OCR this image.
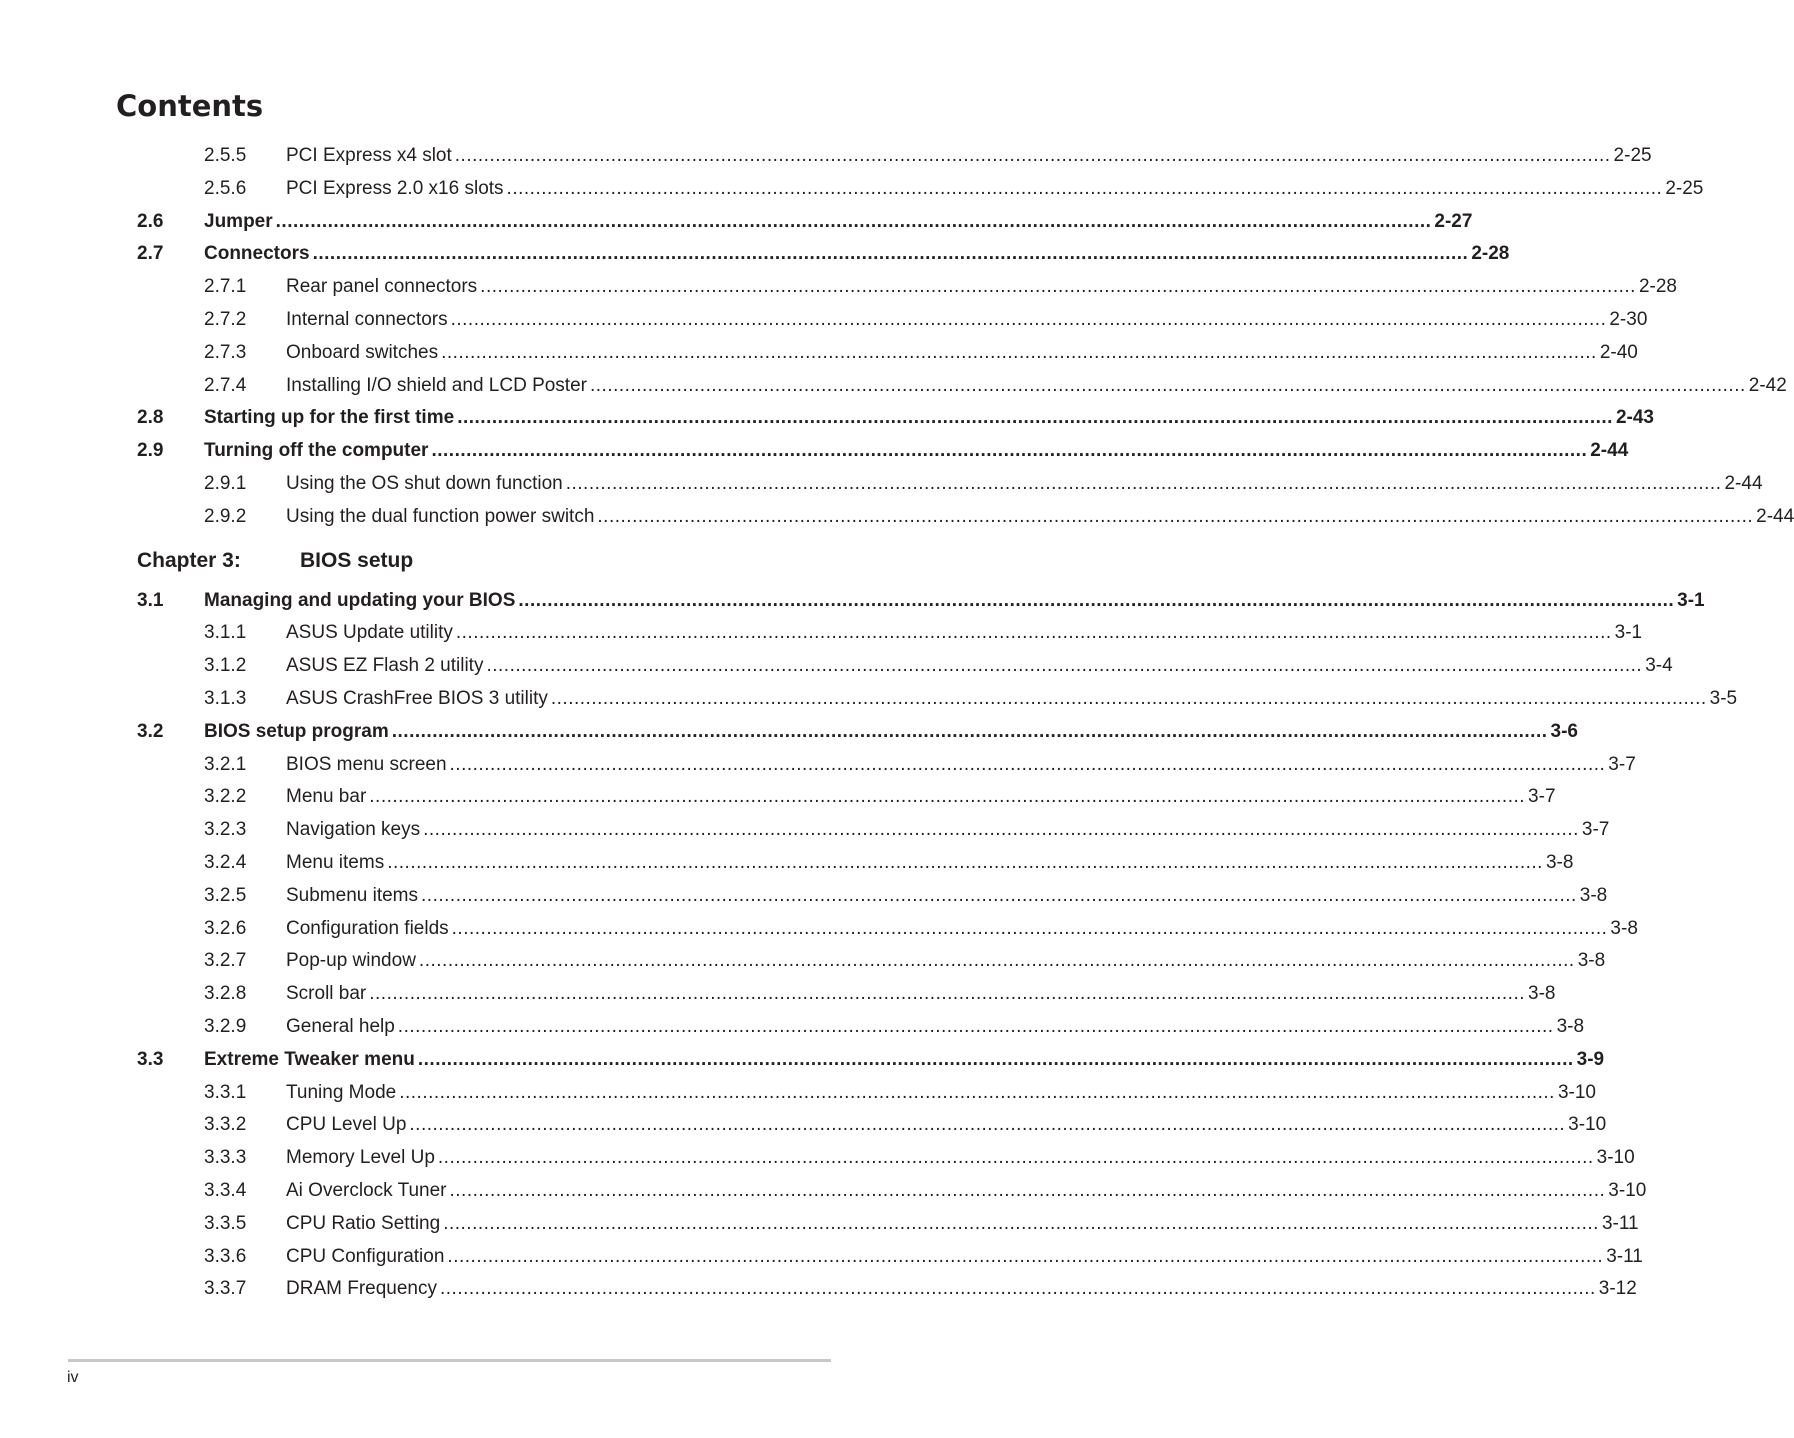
Contents
2.5.5 PCI Express x4 slot ........................................................................................................................................................................................................ 2-25
2.5.6 PCI Express 2.0 x16 slots ........................................................................................................................................................................................................ 2-25
2.6 Jumper ........................................................................................................................................................................................................ 2-27
2.7 Connectors ........................................................................................................................................................................................................ 2-28
2.7.1 Rear panel connectors ........................................................................................................................................................................................................ 2-28
2.7.2 Internal connectors ........................................................................................................................................................................................................ 2-30
2.7.3 Onboard switches ........................................................................................................................................................................................................ 2-40
2.7.4 Installing I/O shield and LCD Poster ........................................................................................................................................................................................................ 2-42
2.8 Starting up for the first time ........................................................................................................................................................................................................ 2-43
2.9 Turning off the computer ........................................................................................................................................................................................................ 2-44
2.9.1 Using the OS shut down function ........................................................................................................................................................................................................ 2-44
2.9.2 Using the dual function power switch ........................................................................................................................................................................................................ 2-44
Chapter 3:	BIOS setup
3.1 Managing and updating your BIOS ........................................................................................................................................................................................................ 3-1
3.1.1 ASUS Update utility ........................................................................................................................................................................................................ 3-1
3.1.2 ASUS EZ Flash 2 utility ........................................................................................................................................................................................................ 3-4
3.1.3 ASUS CrashFree BIOS 3 utility ........................................................................................................................................................................................................ 3-5
3.2 BIOS setup program ........................................................................................................................................................................................................ 3-6
3.2.1 BIOS menu screen ........................................................................................................................................................................................................ 3-7
3.2.2 Menu bar ........................................................................................................................................................................................................ 3-7
3.2.3 Navigation keys ........................................................................................................................................................................................................ 3-7
3.2.4 Menu items ........................................................................................................................................................................................................ 3-8
3.2.5 Submenu items ........................................................................................................................................................................................................ 3-8
3.2.6 Configuration fields ........................................................................................................................................................................................................ 3-8
3.2.7 Pop-up window ........................................................................................................................................................................................................ 3-8
3.2.8 Scroll bar ........................................................................................................................................................................................................ 3-8
3.2.9 General help ........................................................................................................................................................................................................ 3-8
3.3 Extreme Tweaker menu ........................................................................................................................................................................................................ 3-9
3.3.1 Tuning Mode ........................................................................................................................................................................................................ 3-10
3.3.2 CPU Level Up ........................................................................................................................................................................................................ 3-10
3.3.3 Memory Level Up ........................................................................................................................................................................................................ 3-10
3.3.4 Ai Overclock Tuner ........................................................................................................................................................................................................ 3-10
3.3.5 CPU Ratio Setting ........................................................................................................................................................................................................ 3-11
3.3.6 CPU Configuration ........................................................................................................................................................................................................ 3-11
3.3.7 DRAM Frequency ........................................................................................................................................................................................................ 3-12
iv
